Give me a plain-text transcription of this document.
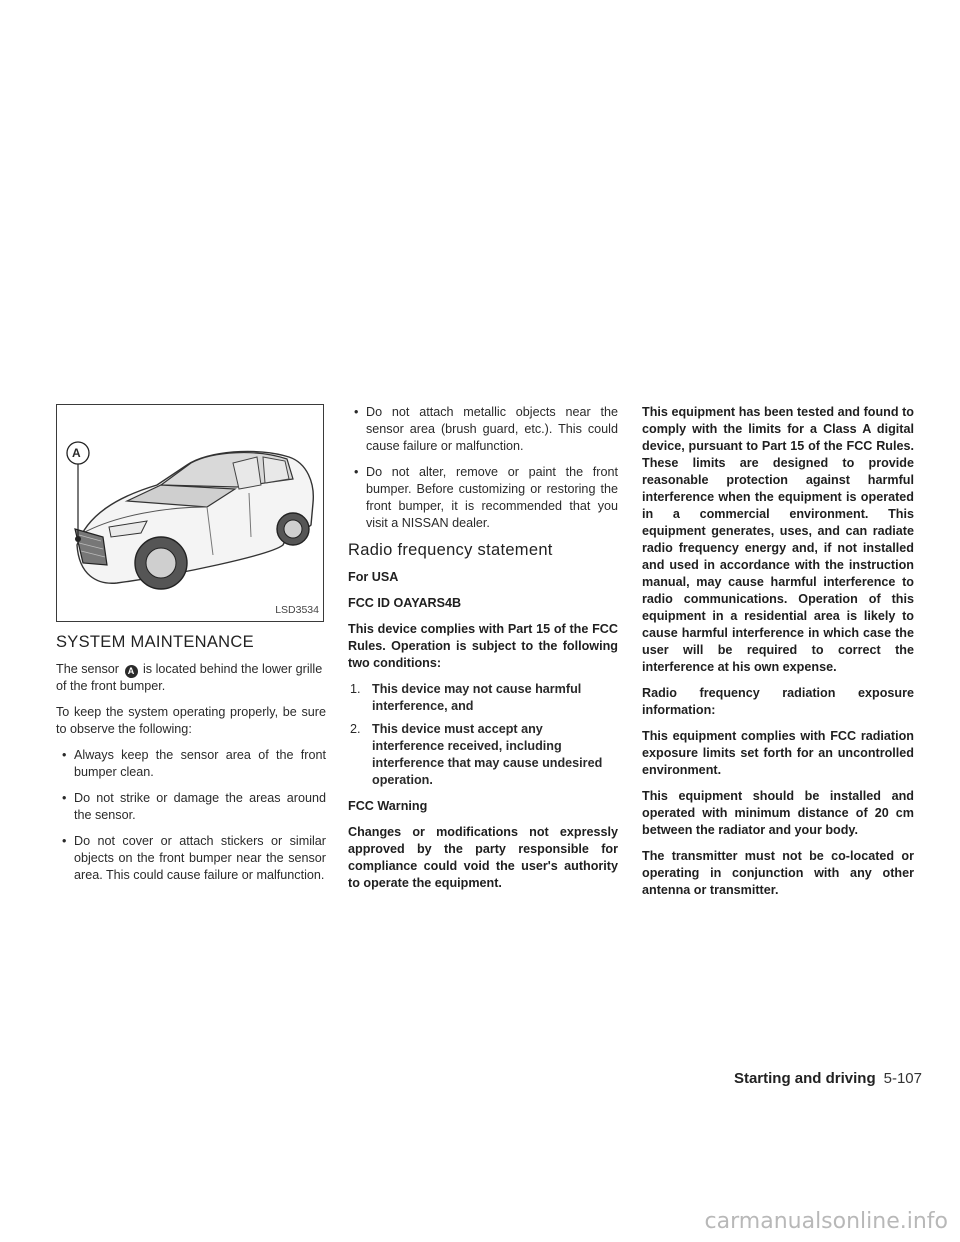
A
LSD3534
SYSTEM MAINTENANCE

The sensor A is located behind the lower grille of the front bumper.

To keep the system operating properly, be sure to observe the following:

• Always keep the sensor area of the front bumper clean.
• Do not strike or damage the areas around the sensor.
• Do not cover or attach stickers or similar objects on the front bumper near the sensor area. This could cause failure or malfunction.
• Do not attach metallic objects near the sensor area (brush guard, etc.). This could cause failure or malfunction.
• Do not alter, remove or paint the front bumper. Before customizing or restoring the front bumper, it is recommended that you visit a NISSAN dealer.
Radio frequency statement

For USA

FCC ID OAYARS4B

This device complies with Part 15 of the FCC Rules. Operation is subject to the following two conditions:

1. This device may not cause harmful interference, and
2. This device must accept any interference received, including interference that may cause undesired operation.

FCC Warning

Changes or modifications not expressly approved by the party responsible for compliance could void the user's authority to operate the equipment.

This equipment has been tested and found to comply with the limits for a Class A digital device, pursuant to Part 15 of the FCC Rules. These limits are designed to provide reasonable protection against harmful interference when the equipment is operated in a commercial environment. This equipment generates, uses, and can radiate radio frequency energy and, if not installed and used in accordance with the instruction manual, may cause harmful interference to radio communications. Operation of this equipment in a residential area is likely to cause harmful interference in which case the user will be required to correct the interference at his own expense.

Radio frequency radiation exposure information:

This equipment complies with FCC radiation exposure limits set forth for an uncontrolled environment.

This equipment should be installed and operated with minimum distance of 20 cm between the radiator and your body.

The transmitter must not be co-located or operating in conjunction with any other antenna or transmitter.

Starting and driving 5-107
carmanualsonline.info
